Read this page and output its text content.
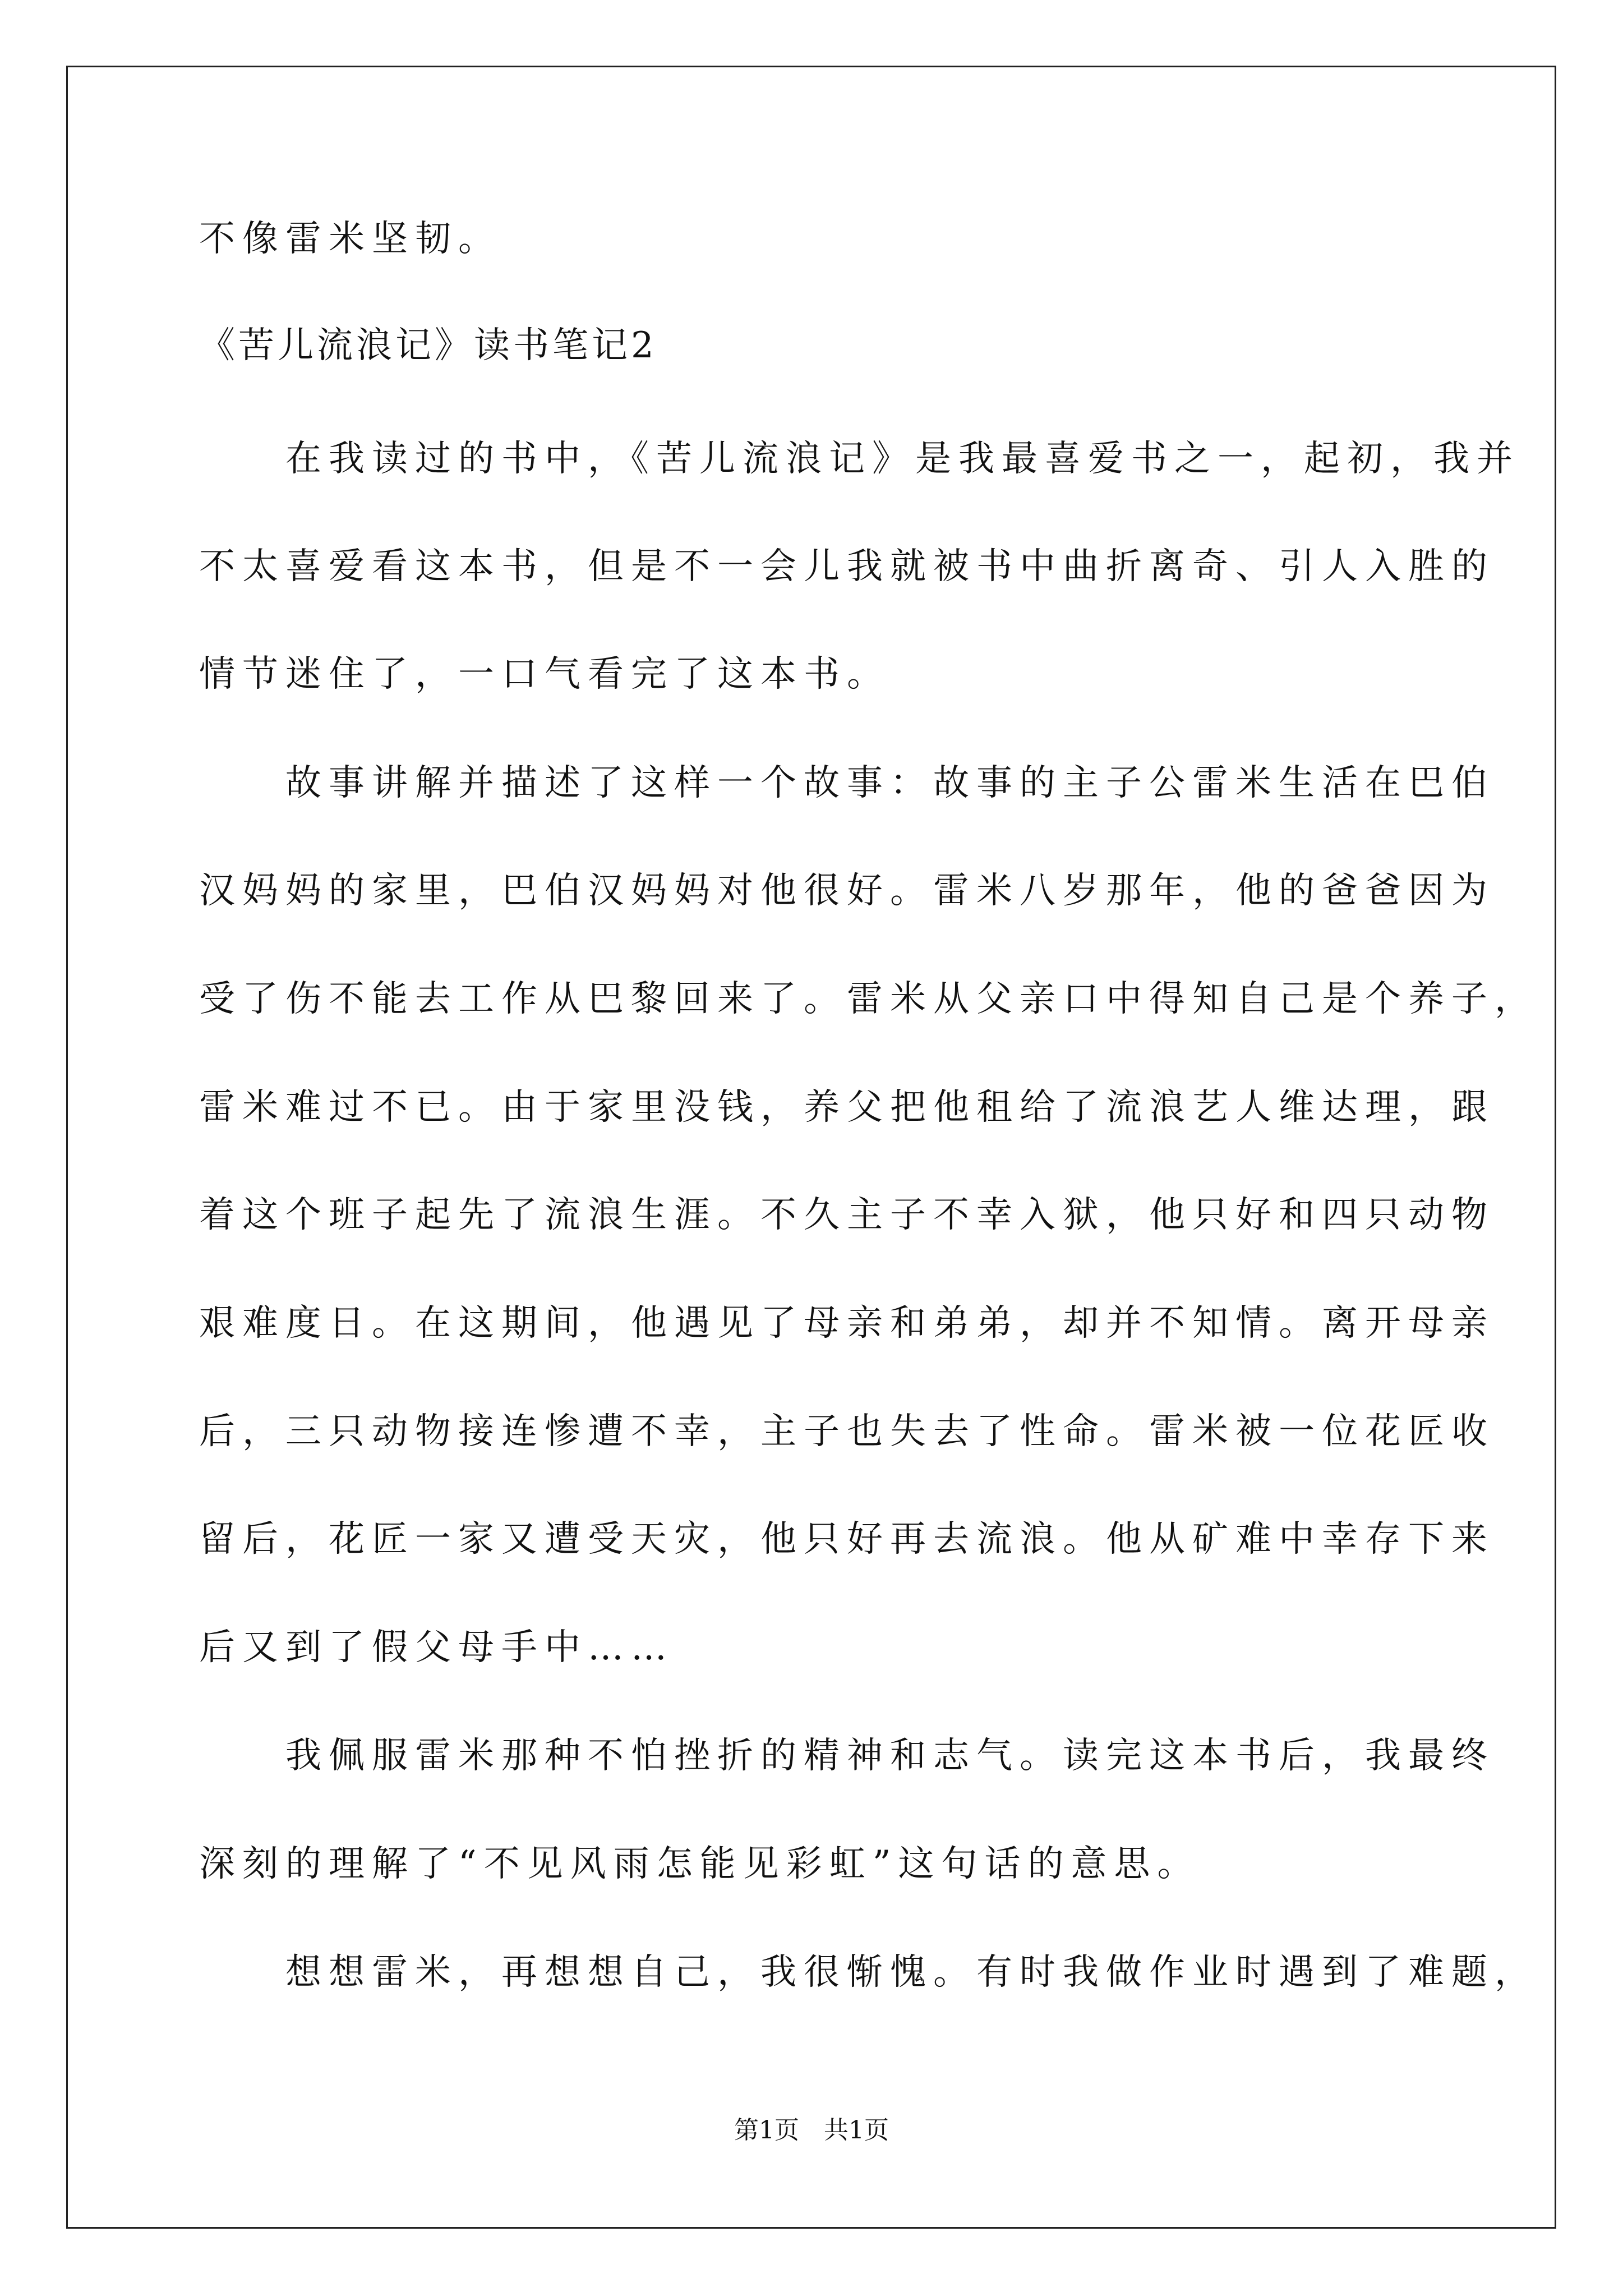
不像雷米坚韧。
《苦儿流浪记》读书笔记2
　　在我读过的书中，《苦儿流浪记》是我最喜爱书之一，起初，我并
不太喜爱看这本书，但是不一会儿我就被书中曲折离奇、引人入胜的
情节迷住了，一口气看完了这本书。
　　故事讲解并描述了这样一个故事：故事的主子公雷米生活在巴伯
汉妈妈的家里，巴伯汉妈妈对他很好。雷米八岁那年，他的爸爸因为
受了伤不能去工作从巴黎回来了。雷米从父亲口中得知自己是个养子，
雷米难过不已。由于家里没钱，养父把他租给了流浪艺人维达理，跟
着这个班子起先了流浪生涯。不久主子不幸入狱，他只好和四只动物
艰难度日。在这期间，他遇见了母亲和弟弟，却并不知情。离开母亲
后，三只动物接连惨遭不幸，主子也失去了性命。雷米被一位花匠收
留后，花匠一家又遭受天灾，他只好再去流浪。他从矿难中幸存下来
后又到了假父母手中……
　　我佩服雷米那种不怕挫折的精神和志气。读完这本书后，我最终
深刻的理解了“不见风雨怎能见彩虹”这句话的意思。
　　想想雷米，再想想自己，我很惭愧。有时我做作业时遇到了难题，
第1页　共1页
